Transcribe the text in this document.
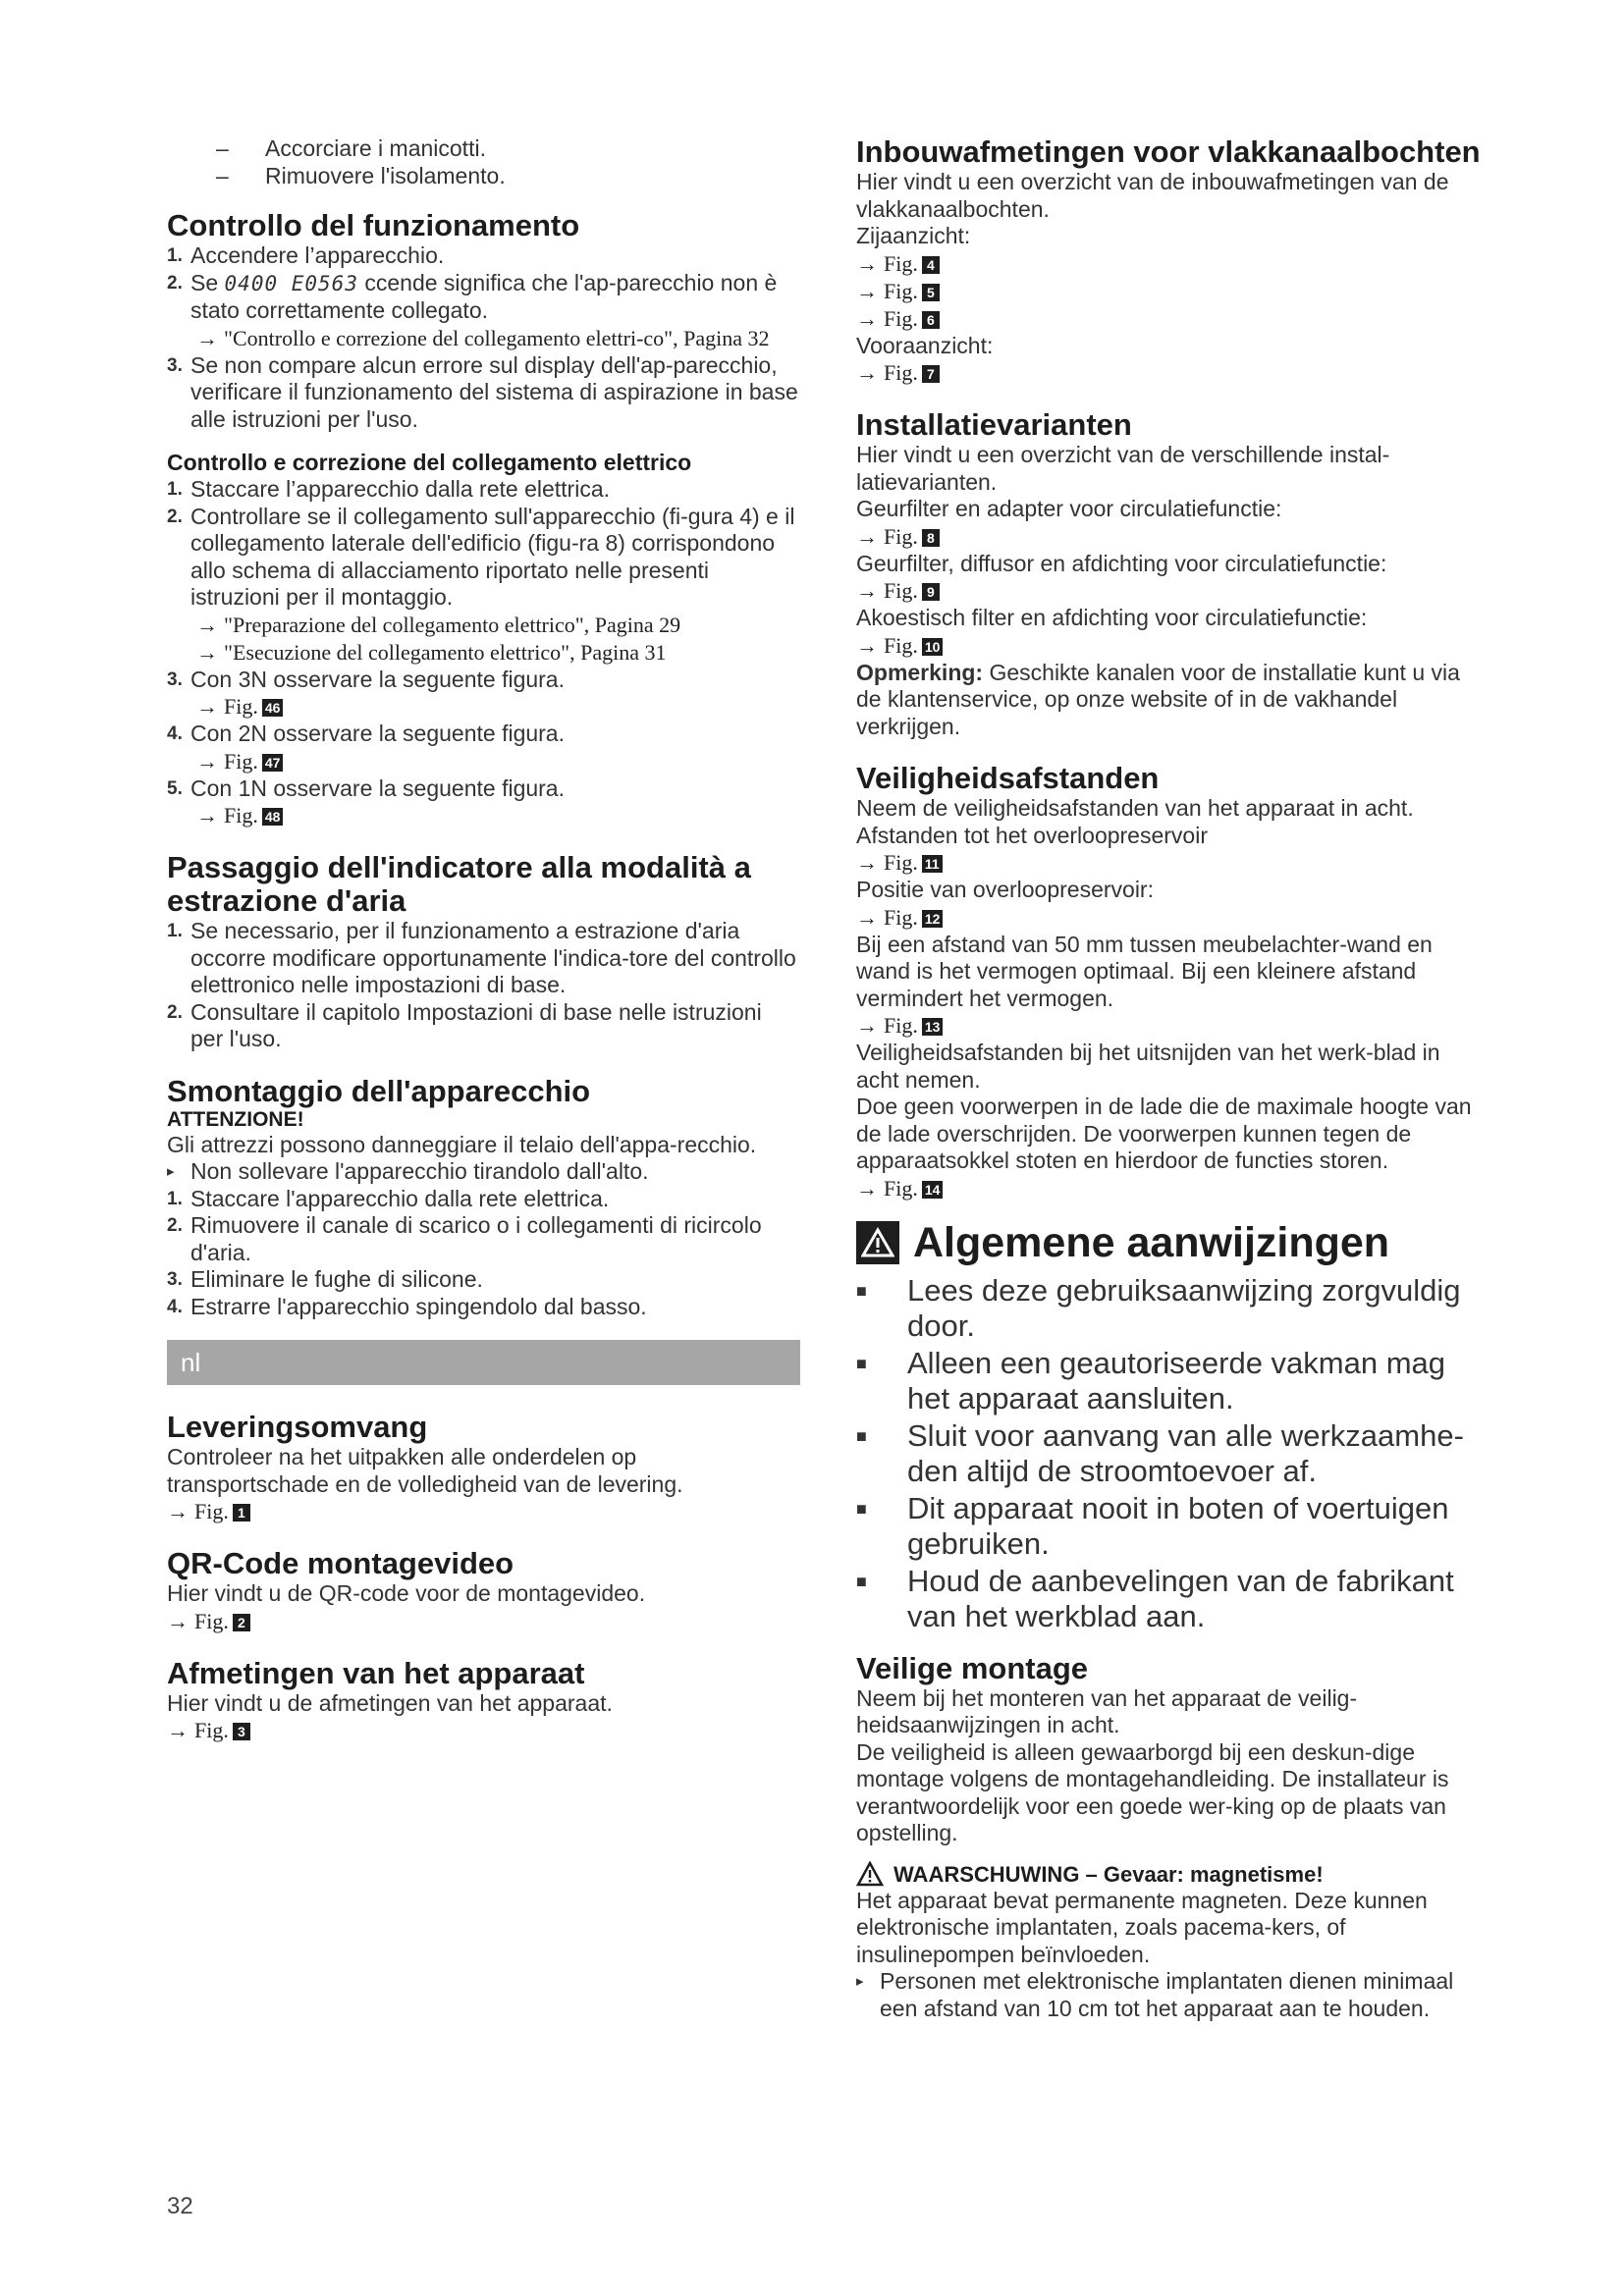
–	Accorciare i manicotti.
–	Rimuovere l'isolamento.
Controllo del funzionamento
1. Accendere l’apparecchio.
2. Se 0400 E0563 ccende significa che l'ap-parecchio non è stato correttamente collegato.

→ "Controllo e correzione del collegamento elettri-co", Pagina 32

3. Se non compare alcun errore sul display dell'ap-parecchio, verificare il funzionamento del sistema di aspirazione in base alle istruzioni per l'uso.
Controllo e correzione del collegamento elettrico
1. Staccare l’apparecchio dalla rete elettrica.
2. Controllare se il collegamento sull'apparecchio (fi-gura 4) e il collegamento laterale dell'edificio (figu-ra 8) corrispondono allo schema di allacciamento riportato nelle presenti istruzioni per il montaggio.

→ "Preparazione del collegamento elettrico", Pagina 29

→ "Esecuzione del collegamento elettrico", Pagina 31

3. Con 3N osservare la seguente figura.

→ Fig. 46

4. Con 2N osservare la seguente figura.

→ Fig. 47

5. Con 1N osservare la seguente figura.

→ Fig. 48

Passaggio dell'indicatore alla modalità a estrazione d'aria
1. Se necessario, per il funzionamento a estrazione d'aria occorre modificare opportunamente l'indica-tore del controllo elettronico nelle impostazioni di base.
2. Consultare il capitolo Impostazioni di base nelle istruzioni per l'uso.
Smontaggio dell'apparecchio

ATTENZIONE!

Gli attrezzi possono danneggiare il telaio dell'appa-recchio.

▸ Non sollevare l'apparecchio tirandolo dall'alto.
1. Staccare l'apparecchio dalla rete elettrica.
2. Rimuovere il canale di scarico o i collegamenti di ricircolo d'aria.
3. Eliminare le fughe di silicone.
4. Estrarre l'apparecchio spingendolo dal basso.
nl
Leveringsomvang

Controleer na het uitpakken alle onderdelen op transportschade en de volledigheid van de levering.

→ Fig. 1

QR-Code montagevideo

Hier vindt u de QR-code voor de montagevideo.

→ Fig. 2

Afmetingen van het apparaat

Hier vindt u de afmetingen van het apparaat.

→ Fig. 3

Inbouwafmetingen voor vlakkanaalbochten

Hier vindt u een overzicht van de inbouwafmetingen van de vlakkanaalbochten.

Zijaanzicht:

→ Fig. 4

→ Fig. 5

→ Fig. 6

Vooraanzicht:

→ Fig. 7

Installatievarianten

Hier vindt u een overzicht van de verschillende instal-latievarianten.

Geurfilter en adapter voor circulatiefunctie:

→ Fig. 8

Geurfilter, diffusor en afdichting voor circulatiefunctie:

→ Fig. 9

Akoestisch filter en afdichting voor circulatiefunctie:

→ Fig. 10

Opmerking: Geschikte kanalen voor de installatie kunt u via de klantenservice, op onze website of in de vakhandel verkrijgen.

Veiligheidsafstanden

Neem de veiligheidsafstanden van het apparaat in acht.

Afstanden tot het overloopreservoir

→ Fig. 11

Positie van overloopreservoir:

→ Fig. 12

Bij een afstand van 50 mm tussen meubelachter-wand en wand is het vermogen optimaal. Bij een kleinere afstand vermindert het vermogen.

→ Fig. 13

Veiligheidsafstanden bij het uitsnijden van het werk-blad in acht nemen.

Doe geen voorwerpen in de lade die de maximale hoogte van de lade overschrijden. De voorwerpen kunnen tegen de apparaatsokkel stoten en hierdoor de functies storen.

→ Fig. 14

Algemene aanwijzingen
■	Lees deze gebruiksaanwijzing zorgvuldig door.
■	Alleen een geautoriseerde vakman mag het apparaat aansluiten.
■	Sluit voor aanvang van alle werkzaamhe-den altijd de stroomtoevoer af.
■	Dit apparaat nooit in boten of voertuigen gebruiken.
■	Houd de aanbevelingen van de fabrikant van het werkblad aan.
Veilige montage

Neem bij het monteren van het apparaat de veilig-heidsaanwijzingen in acht.

De veiligheid is alleen gewaarborgd bij een deskun-dige montage volgens de montagehandleiding. De installateur is verantwoordelijk voor een goede wer-king op de plaats van opstelling.

WAARSCHUWING – Gevaar: magnetisme!

Het apparaat bevat permanente magneten. Deze kunnen elektronische implantaten, zoals pacema-kers, of insulinepompen beïnvloeden.

▸ Personen met elektronische implantaten dienen minimaal een afstand van 10 cm tot het apparaat aan te houden.
32
